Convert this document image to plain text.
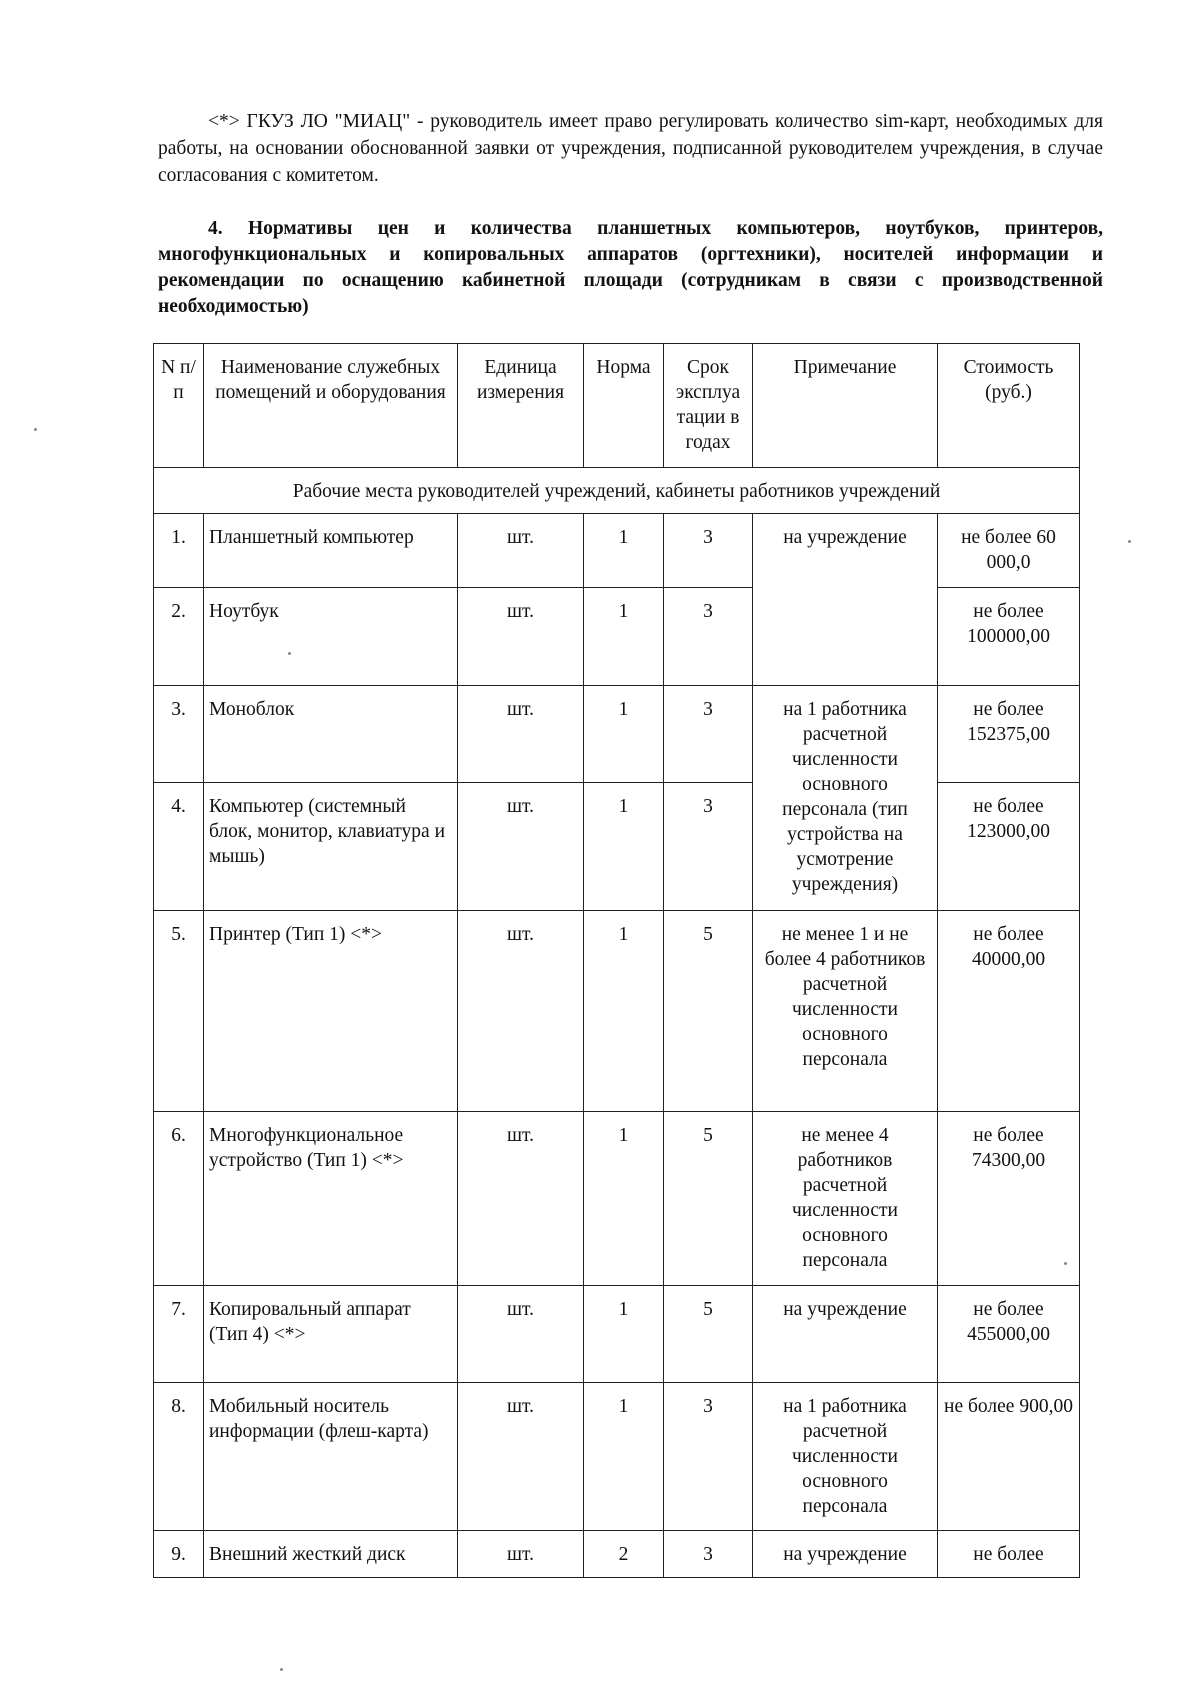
<*> ГКУЗ ЛО "МИАЦ" - руководитель имеет право регулировать количество sim-карт, необходимых для работы, на основании обоснованной заявки от учреждения, подписанной руководителем учреждения, в случае согласования с комитетом.

4. Нормативы цен и количества планшетных компьютеров, ноутбуков, принтеров, многофункциональных и копировальных аппаратов (оргтехники), носителей информации и рекомендации по оснащению кабинетной площади (сотрудникам в связи с производственной необходимостью)

N п/п	Наименование служебных помещений и оборудования	Единица измерения	Норма	Срок эксплуа тации в годах	Примечание	Стоимость (руб.)
Рабочие места руководителей учреждений, кабинеты работников учреждений						
1.	Планшетный компьютер	шт.	1	3	на учреждение	не более 60 000,0
2.	Ноутбук	шт.	1	3		не более 100000,00
3.	Моноблок	шт.	1	3	на 1 работника расчетной численности основного персонала (тип устройства на усмотрение учреждения)	не более 152375,00
4.	Компьютер (системный блок, монитор, клавиатура и мышь)	шт.	1	3		не более 123000,00
5.	Принтер (Тип 1) <*>	шт.	1	5	не менее 1 и не более 4 работников расчетной численности основного персонала	не более 40000,00
6.	Многофункциональное устройство (Тип 1) <*>	шт.	1	5	не менее 4 работников расчетной численности основного персонала	не более 74300,00
7.	Копировальный аппарат (Тип 4) <*>	шт.	1	5	на учреждение	не более 455000,00
8.	Мобильный носитель информации (флеш-карта)	шт.	1	3	на 1 работника расчетной численности основного персонала	не более 900,00
9.	Внешний жесткий диск	шт.	2	3	на учреждение	не более
